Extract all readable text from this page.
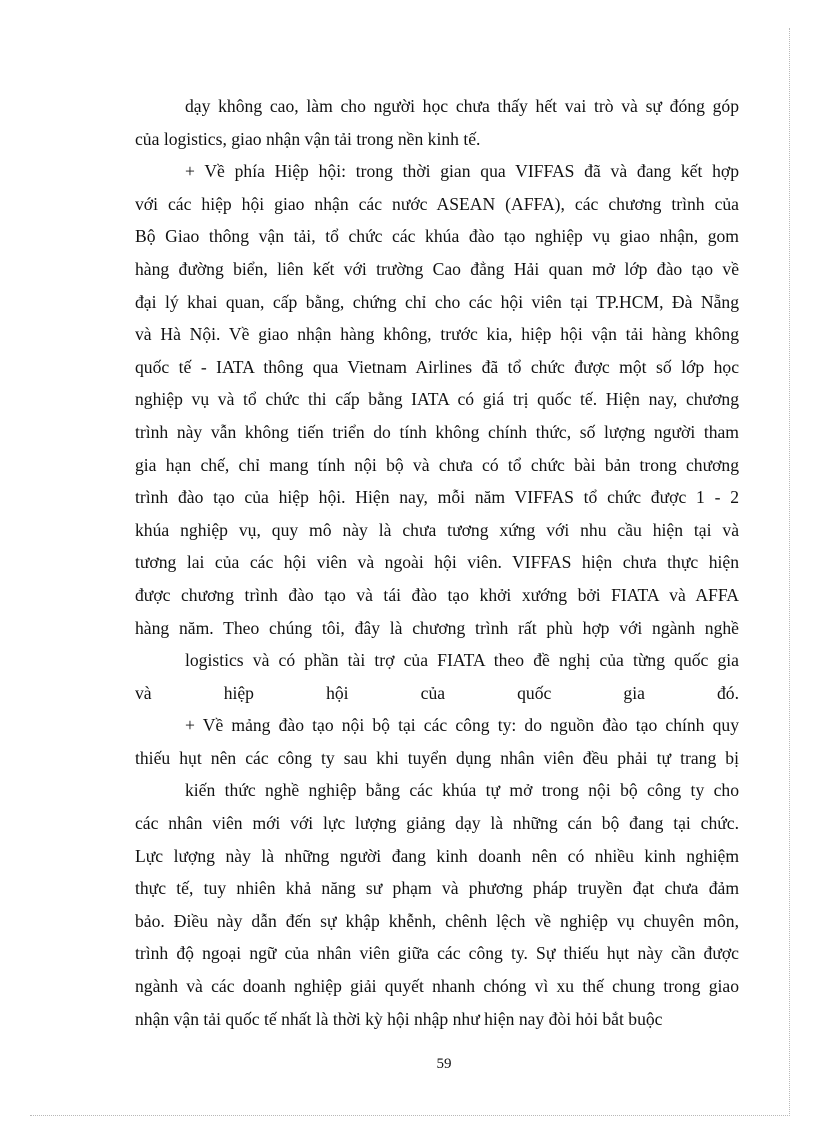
dạy không cao, làm cho người học chưa thấy hết vai trò và sự đóng góp
của logistics, giao nhận vận tải trong nền kinh tế.
+ Về phía Hiệp hội: trong thời gian qua VIFFAS đã và đang kết hợp
với các hiệp hội giao nhận các nước ASEAN (AFFA), các chương trình của
Bộ Giao thông vận tải, tổ chức các khúa đào tạo nghiệp vụ giao nhận, gom
hàng đường biển, liên kết với trường Cao đẳng Hải quan mở lớp đào tạo về
đại lý khai quan, cấp bằng, chứng chỉ cho các hội viên tại TP.HCM, Đà Nẵng
và Hà Nội. Về giao nhận hàng không, trước kia, hiệp hội vận tải hàng không
quốc tế - IATA thông qua Vietnam Airlines đã tổ chức được một số lớp học
nghiệp vụ và tổ chức thi cấp bằng IATA có giá trị quốc tế. Hiện nay, chương
trình này vẫn không tiến triển do tính không chính thức, số lượng người tham
gia hạn chế, chỉ mang tính nội bộ và chưa có tổ chức bài bản trong chương
trình đào tạo của hiệp hội. Hiện nay, mỗi năm VIFFAS tổ chức được 1 - 2
khúa nghiệp vụ, quy mô này là chưa tương xứng với nhu cầu hiện tại và
tương lai của các hội viên và ngoài hội viên. VIFFAS hiện chưa thực hiện
được chương trình đào tạo và tái đào tạo khởi xướng bởi FIATA và AFFA
hàng năm. Theo chúng tôi, đây là chương trình rất phù hợp với ngành nghề
logistics và có phần tài trợ của FIATA theo đề nghị của từng quốc gia
và hiệp hội của quốc gia đó.
+ Về mảng đào tạo nội bộ tại các công ty: do nguồn đào tạo chính quy
thiếu hụt nên các công ty sau khi tuyển dụng nhân viên đều phải tự trang bị
kiến thức nghề nghiệp bằng các khúa tự mở trong nội bộ công ty cho
các nhân viên mới với lực lượng giảng dạy là những cán bộ đang tại chức.
Lực lượng này là những người đang kinh doanh nên có nhiều kinh nghiệm
thực tế, tuy nhiên khả năng sư phạm và phương pháp truyền đạt chưa đảm
bảo. Điều này dẫn đến sự khập khễnh, chênh lệch về nghiệp vụ chuyên môn,
trình độ ngoại ngữ của nhân viên giữa các công ty. Sự thiếu hụt này cần được
ngành và các doanh nghiệp giải quyết nhanh chóng vì xu thế chung trong giao
nhận vận tải quốc tế nhất là thời kỳ hội nhập như hiện nay đòi hỏi bắt buộc
59
